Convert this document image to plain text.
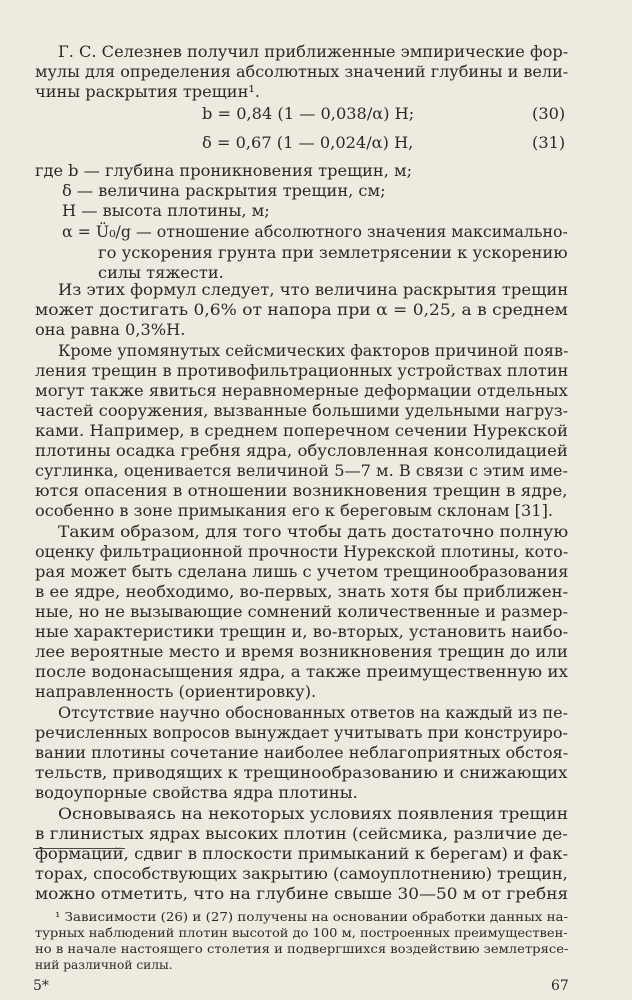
Г. С. Селезнев получил приближенные эмпирические фор-
мулы для определения абсолютных значений глубины и вели-
чины раскрытия трещин¹.
b = 0,84 (1 — 0,038/α) H;	(30)
δ = 0,67 (1 — 0,024/α) H,	(31)
где b — глубина проникновения трещин, м;
δ — величина раскрытия трещин, см;
H — высота плотины, м;
α = Ü₀/g — отношение абсолютного значения максимально-
го ускорения грунта при землетрясении к ускорению
силы тяжести.
Из этих формул следует, что величина раскрытия трещин
может достигать 0,6% от напора при α = 0,25, а в среднем
она равна 0,3%H.
Кроме упомянутых сейсмических факторов причиной появ-
ления трещин в противофильтрационных устройствах плотин
могут также явиться неравномерные деформации отдельных
частей сооружения, вызванные большими удельными нагруз-
ками. Например, в среднем поперечном сечении Нурекской
плотины осадка гребня ядра, обусловленная консолидацией
суглинка, оценивается величиной 5—7 м. В связи с этим име-
ются опасения в отношении возникновения трещин в ядре,
особенно в зоне примыкания его к береговым склонам [31].
Таким образом, для того чтобы дать достаточно полную
оценку фильтрационной прочности Нурекской плотины, кото-
рая может быть сделана лишь с учетом трещинообразования
в ее ядре, необходимо, во-первых, знать хотя бы приближен-
ные, но не вызывающие сомнений количественные и размер-
ные характеристики трещин и, во-вторых, установить наибо-
лее вероятные место и время возникновения трещин до или
после водонасыщения ядра, а также преимущественную их
направленность (ориентировку).
Отсутствие научно обоснованных ответов на каждый из пе-
речисленных вопросов вынуждает учитывать при конструиро-
вании плотины сочетание наиболее неблагоприятных обстоя-
тельств, приводящих к трещинообразованию и снижающих
водоупорные свойства ядра плотины.
Основываясь на некоторых условиях появления трещин
в глинистых ядрах высоких плотин (сейсмика, различие де-
формаций, сдвиг в плоскости примыканий к берегам) и фак-
торах, способствующих закрытию (самоуплотнению) трещин,
можно отметить, что на глубине свыше 30—50 м от гребня
¹ Зависимости (26) и (27) получены на основании обработки данных на-
турных наблюдений плотин высотой до 100 м, построенных преимуществен-
но в начале настоящего столетия и подвергшихся воздействию землетрясе-
ний различной силы.
5*	67
